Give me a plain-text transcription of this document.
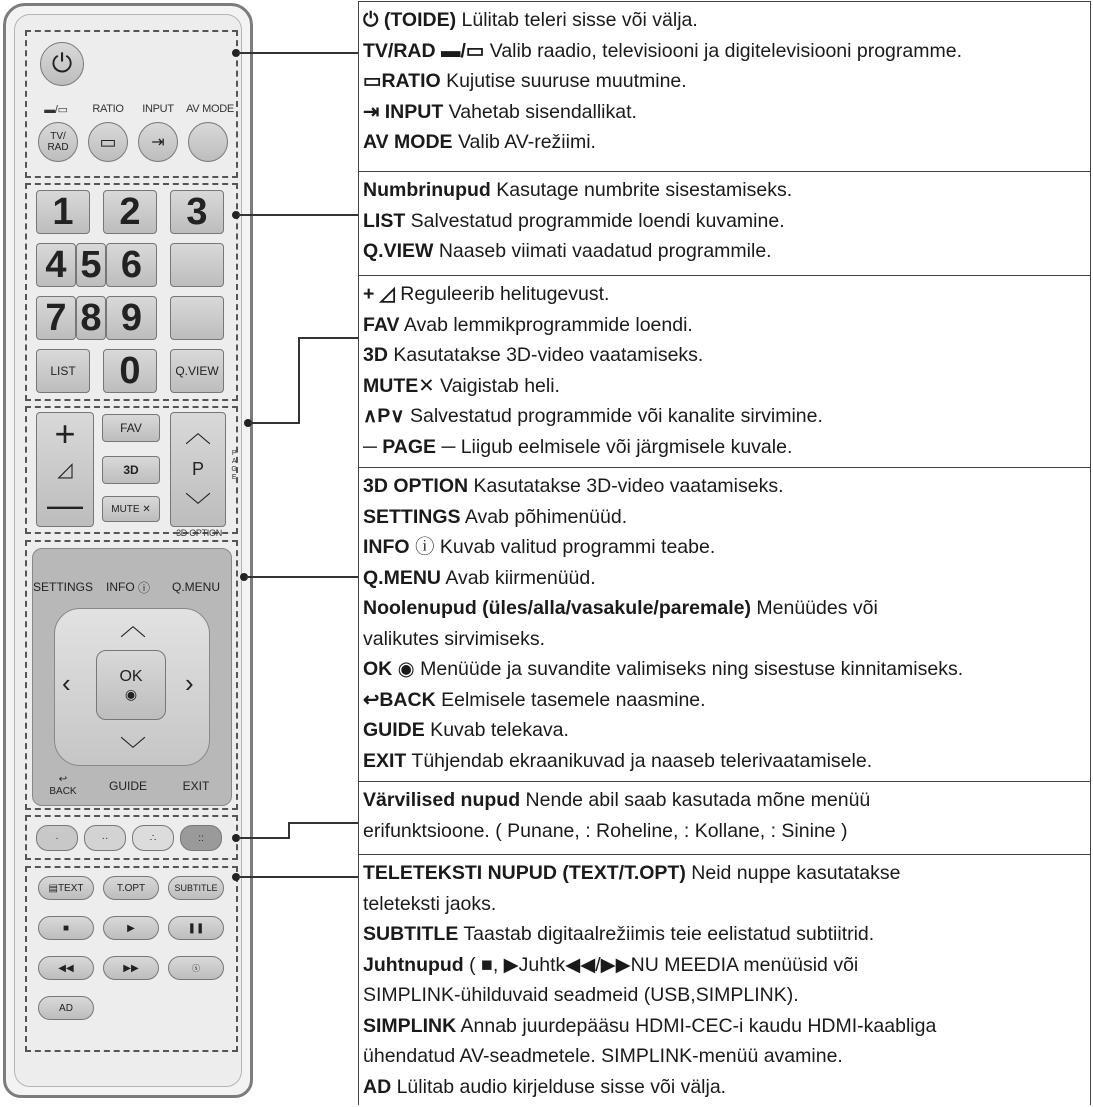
⏻
▬/▭	RATIO	INPUT	AV MODE
TV/
RAD	▭ ⇥
1	2	3
4 5 6
7 8 9
LIST	0	Q.VIEW
+
◿
—
FAV
3D
MUTE ✕
︿
P
﹀
PAGE
3D OPTION
SETTINGS INFO ⓘ	Q.MENU
︿
﹀
‹	›
OK
◉
↩
BACK	GUIDE	EXIT
·	··	∴	::
▤ TEXT	T.OPT	SUBTITLE
■	▶	❚❚
◀◀	▶▶	ⓢ
AD
⏻ (TOIDE) Lülitab teleri sisse või välja.
TV/RAD ▬/▭ Valib raadio, televisiooni ja digitelevisiooni programme.
▭RATIO Kujutise suuruse muutmine.
⇥ INPUT Vahetab sisendallikat.
AV MODE Valib AV-režiimi.
Numbrinupud Kasutage numbrite sisestamiseks.
LIST Salvestatud programmide loendi kuvamine.
Q.VIEW Naaseb viimati vaadatud programmile.
+ ◿ Reguleerib helitugevust.
FAV Avab lemmikprogrammide loendi.
3D Kasutatakse 3D-video vaatamiseks.
MUTE✕ Vaigistab heli.
∧P∨ Salvestatud programmide või kanalite sirvimine.
─ PAGE ─ Liigub eelmisele või järgmisele kuvale.
3D OPTION Kasutatakse 3D-video vaatamiseks.
SETTINGS Avab põhimenüüd.
INFO ⓘ Kuvab valitud programmi teabe.
Q.MENU Avab kiirmenüüd.
Noolenupud (üles/alla/vasakule/paremale) Menüüdes või
valikutes sirvimiseks.
OK ◉ Menüüde ja suvandite valimiseks ning sisestuse kinnitamiseks.
↩BACK Eelmisele tasemele naasmine.
GUIDE Kuvab telekava.
EXIT Tühjendab ekraanikuvad ja naaseb telerivaatamisele.
Värvilised nupud Nende abil saab kasutada mõne menüü
erifunktsioone. ( Punane, : Roheline, : Kollane, : Sinine )
TELETEKSTI NUPUD (TEXT/T.OPT) Neid nuppe kasutatakse
teleteksti jaoks.
SUBTITLE Taastab digitaalrežiimis teie eelistatud subtiitrid.
Juhtnupud ( ■, ▶Juhtk◀◀/▶▶NU MEEDIA menüüsid või
SIMPLINK-ühilduvaid seadmeid (USB,SIMPLINK).
SIMPLINK Annab juurdepääsu HDMI-CEC-i kaudu HDMI-kaabliga
ühendatud AV-seadmetele. SIMPLINK-menüü avamine.
AD Lülitab audio kirjelduse sisse või välja.
